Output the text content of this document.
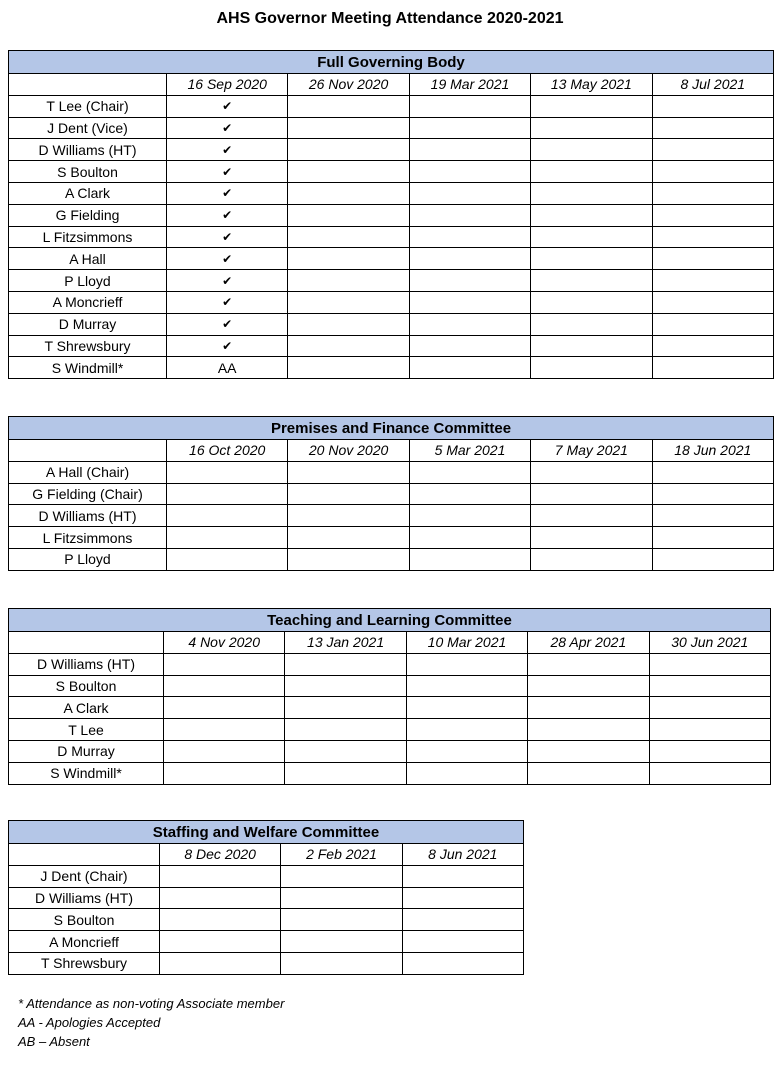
AHS Governor Meeting Attendance 2020-2021
Full Governing Body					
	16 Sep 2020	26 Nov 2020	19 Mar 2021	13 May 2021	8 Jul 2021
T Lee (Chair)	✔				
J Dent (Vice)	✔				
D Williams (HT)	✔				
S Boulton	✔				
A Clark	✔				
G Fielding	✔				
L Fitzsimmons	✔				
A Hall	✔				
P Lloyd	✔				
A Moncrieff	✔				
D Murray	✔				
T Shrewsbury	✔				
S Windmill*	AA				
Premises and Finance Committee					
	16 Oct 2020	20 Nov 2020	5 Mar 2021	7 May 2021	18 Jun 2021
A Hall (Chair)					
G Fielding (Chair)					
D Williams (HT)					
L Fitzsimmons					
P Lloyd					
Teaching and Learning Committee					
	4 Nov 2020	13 Jan 2021	10 Mar 2021	28 Apr 2021	30 Jun 2021
D Williams (HT)					
S Boulton					
A Clark					
T Lee					
D Murray					
S Windmill*					
Staffing and Welfare Committee			
	8 Dec 2020	2 Feb 2021	8 Jun 2021
J Dent (Chair)			
D Williams (HT)			
S Boulton			
A Moncrieff			
T Shrewsbury			
* Attendance as non-voting Associate member
AA - Apologies Accepted
AB – Absent
